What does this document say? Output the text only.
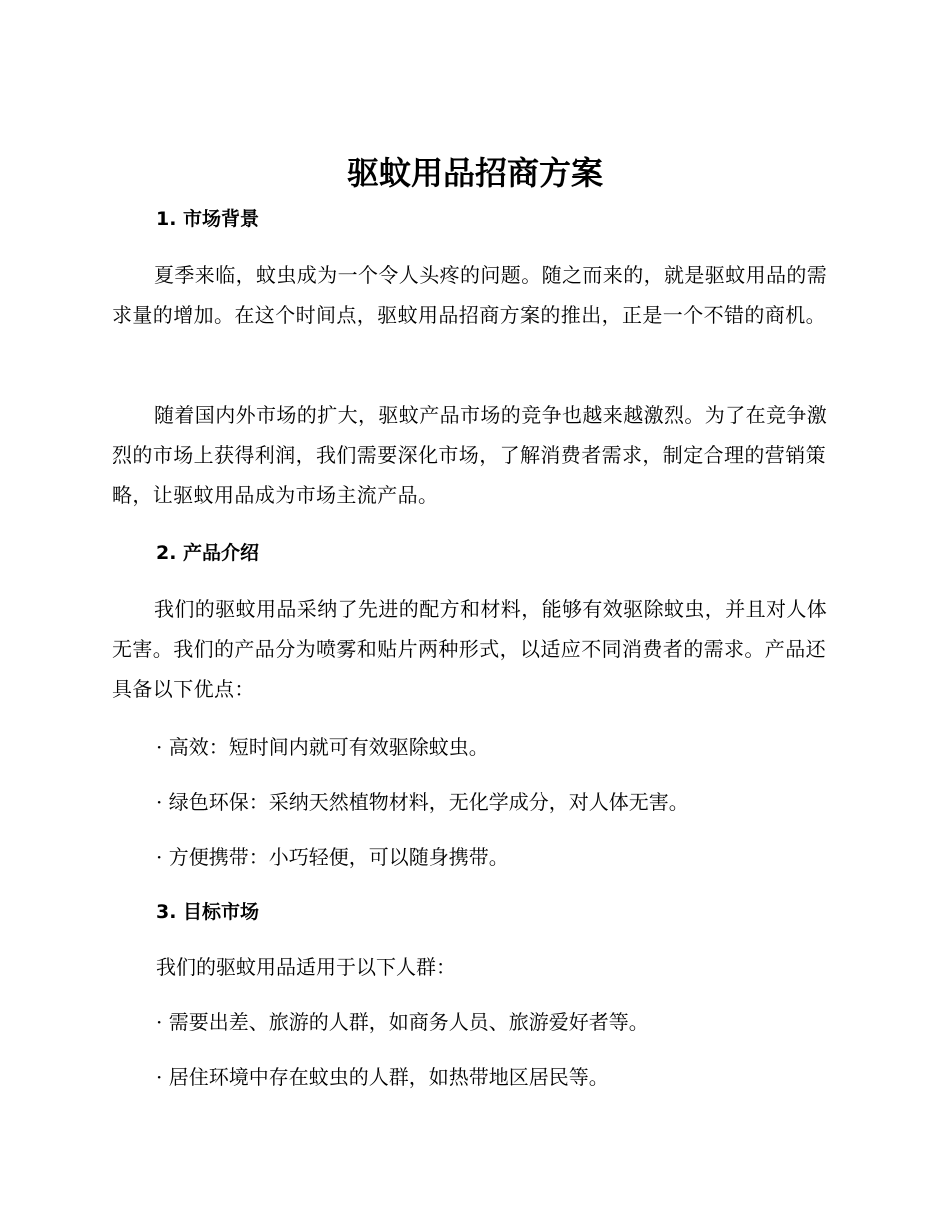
驱蚊用品招商方案
1. 市场背景

夏季来临，蚊虫成为一个令人头疼的问题。随之而来的，就是驱蚊用品的需求量的增加。在这个时间点，驱蚊用品招商方案的推出，正是一个不错的商机。

随着国内外市场的扩大，驱蚊产品市场的竞争也越来越激烈。为了在竞争激烈的市场上获得利润，我们需要深化市场，了解消费者需求，制定合理的营销策略，让驱蚊用品成为市场主流产品。

2. 产品介绍

我们的驱蚊用品采纳了先进的配方和材料，能够有效驱除蚊虫，并且对人体无害。我们的产品分为喷雾和贴片两种形式，以适应不同消费者的需求。产品还具备以下优点：

· 高效：短时间内就可有效驱除蚊虫。

· 绿色环保：采纳天然植物材料，无化学成分，对人体无害。

· 方便携带：小巧轻便，可以随身携带。

3. 目标市场

我们的驱蚊用品适用于以下人群：

· 需要出差、旅游的人群，如商务人员、旅游爱好者等。

· 居住环境中存在蚊虫的人群，如热带地区居民等。
